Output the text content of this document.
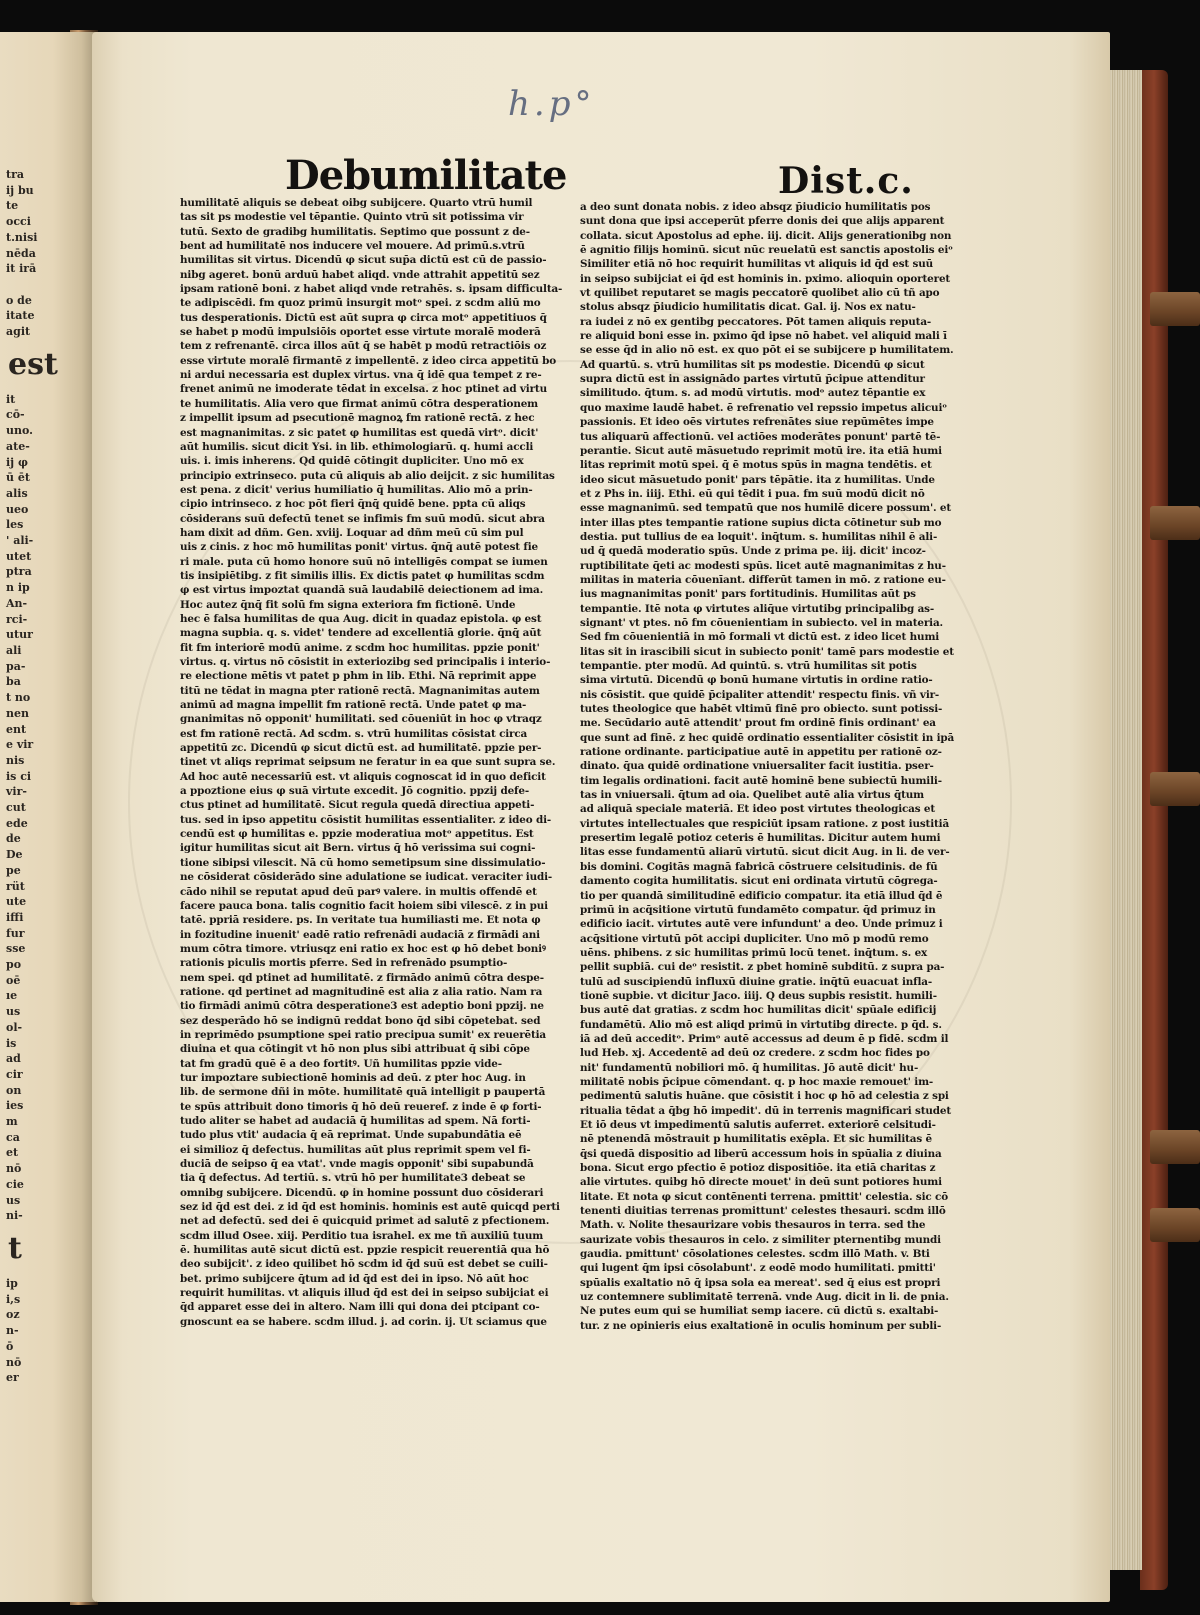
tra
ij bu
te
occi
t.nisi
nēda
it irā

o de
itate
agit
est
it
cō-
uno.
ate-
ij φ
ū ēt
alis
ueo
les
' ali-
utet
ptra
n ip
An-
rci-
utur
ali
pa-
ba
t no
nen
ent
e vir
nis
is ci
vir-
cut
ede
de
De
pe
rüt
ute
iffi
fur
sse
po
oē
ıe
us
ol-
is
ad
cir
on
ies
m
ca
et
nō
cie
us
ni-
t
ip
i,s
oz
n-
ō
nō
er
h.p°
Debumilitate	Dist.c.
humilitatē aliquis se debeat oibg subijcere. Quarto vtrū humil
tas sit ps modestie vel tēpantie. Quinto vtrū sit potissima vir
tutū. Sexto de gradibg humilitatis. Septimo que possunt z de-
bent ad humilitatē nos inducere vel mouere. Ad primū.s.vtrū
humilitas sit virtus. Dicendū φ sicut sup̄a dictū est cū de passio-
nibg ageret. bonū arduū habet aliqd. vnde attrahit appetitū sez
ipsam rationē boni. z habet aliqd vnde retrahēs. s. ipsam difficulta-
te adipiscēdi. fm quoz primū insurgit motᵒ spei. z scdm aliū mo
tus desperationis. Dictū est aūt supra φ circa motᵒ appetitiuos q̄
se habet p modū impulsiōis oportet esse virtute moralē moderā
tem z refrenantē. circa illos aūt q̄ se habēt p modū retractiōis oz
esse virtute moralē firmantē z impellentē. z ideo circa appetitū bo
ni ardui necessaria est duplex virtus. vna q̄ idē qua tempet z re-
frenet animū ne imoderate tēdat in excelsa. z hoc ptinet ad virtu
te humilitatis. Alia vero que firmat animū cōtra desperationem
z impellit ipsum ad psecutionē magnoꝝ fm rationē rectā. z hec
est magnanimitas. z sic patet φ humilitas est quedā virtᵒ. dicit'
aūt humilis. sicut dicit Ysi. in lib. ethimologiarū. q. humi accli
uis. i. imis inherens. Qd quidē cōtingit dupliciter. Uno mō ex
principio extrinseco. puta cū aliquis ab alio deijcit. z sic humilitas
est pena. z dicit' verius humiliatio q̄ humilitas. Alio mō a prin-
cipio intrinseco. z hoc pōt fieri q̄nq̄ quidē bene. ppta cū aliqs
cōsiderans suū defectū tenet se infimis fm suū modū. sicut abra
ham dixit ad dñm. Gen. xviij. Loquar ad dñm meū cū sim pul
uis z cinis. z hoc mō humilitas ponit' virtus. q̄nq̄ autē potest fie
ri male. puta cū homo honore suū nō intelligēs compat se iumen
tis insipiētibg. z fit similis illis. Ex dictis patet φ humilitas scdm
φ est virtus impoztat quandā suā laudabilē deiectionem ad ima.
Hoc autez q̄nq̄ fit solū fm signa exteriora fm fictionē. Unde
hec ē falsa humilitas de qua Aug. dicit in quadaz epistola. φ est
magna supbia. q. s. videt' tendere ad excellentiā glorie. q̄nq̄ aūt
fit fm interiorē modū anime. z scdm hoc humilitas. ppzie ponit'
virtus. q. virtus nō cōsistit in exteriozibg sed principalis i interio-
re electione mētis vt patet p phm in lib. Ethi. Nā reprimit appe
titū ne tēdat in magna pter rationē rectā. Magnanimitas autem
animū ad magna impellit fm rationē rectā. Unde patet φ ma-
gnanimitas nō opponit' humilitati. sed cōueniūt in hoc φ vtraqz
est fm rationē rectā. Ad scdm. s. vtrū humilitas cōsistat circa
appetitū zc. Dicendū φ sicut dictū est. ad humilitatē. ppzie per-
tinet vt aliqs reprimat seipsum ne feratur in ea que sunt supra se.
Ad hoc autē necessariū est. vt aliquis cognoscat id in quo deficit
a ppoztione eius φ suā virtute excedit. Jō cognitio. ppzij defe-
ctus ptinet ad humilitatē. Sicut regula quedā directiua appeti-
tus. sed in ipso appetitu cōsistit humilitas essentialiter. z ideo di-
cendū est φ humilitas e. ppzie moderatiua motᵒ appetitus. Est
igitur humilitas sicut ait Bern. virtus q̄ hō verissima sui cogni-
tione sibipsi vilescit. Nā cū homo semetipsum sine dissimulatio-
ne cōsiderat cōsiderādo sine adulatione se iudicat. veraciter iudi-
cādo nihil se reputat apud deū parꝰ valere. in multis offendē et
facere pauca bona. talis cognitio facit hoiem sibi vilescē. z in pui
tatē. ppriā residere. ps. In veritate tua humiliasti me. Et nota φ
in fozitudine inuenit' eadē ratio refrenādi audaciā z firmādi ani
mum cōtra timore. vtriusqz eni ratio ex hoc est φ hō debet boniꝰ
rationis piculis mortis pferre. Sed in refrenādo psumptio-
nem spei. qd ptinet ad humilitatē. z firmādo animū cōtra despe-
ratione. qd pertinet ad magnitudinē est alia z alia ratio. Nam ra
tio firmādi animū cōtra desperatione3 est adeptio boni ppzij. ne
sez desperādo hō se indignū reddat bono q̄d sibi cōpetebat. sed
in reprimēdo psumptione spei ratio precipua sumit' ex reuerētia
diuina et qua cōtingit vt hō non plus sibi attribuat q̄ sibi cōpe
tat fm gradū quē ē a deo fortitꝰ. Uñ humilitas ppzie vide-
tur impoztare subiectionē hominis ad deū. z pter hoc Aug. in
lib. de sermone dñi in mōte. humilitatē quā intelligit p paupertā
te spūs attribuit dono timoris q̄ hō deū reueref. z inde ē φ forti-
tudo aliter se habet ad audaciā q̄ humilitas ad spem. Nā forti-
tudo plus vtit' audacia q̄ eā reprimat. Unde supabundātia eē
ei similioz q̄ defectus. humilitas aūt plus reprimit spem vel fi-
duciā de seipso q̄ ea vtat'. vnde magis opponit' sibi supabundā
tia q̄ defectus. Ad tertiū. s. vtrū hō per humilitate3 debeat se
omnibg subijcere. Dicendū. φ in homine possunt duo cōsiderari
sez id q̄d est dei. z id q̄d est hominis. hominis est autē quicqd perti
net ad defectū. sed dei ē quicquid primet ad salutē z pfectionem.
scdm illud Osee. xiij. Perditio tua israhel. ex me tñ auxiliū tuum
ē. humilitas autē sicut dictū est. ppzie respicit reuerentiā qua hō
deo subijcit'. z ideo quilibet hō scdm id q̄d suū est debet se cuili-
bet. primo subijcere q̄tum ad id q̄d est dei in ipso. Nō aūt hoc
requirit humilitas. vt aliquis illud q̄d est dei in seipso subijciat ei
q̄d apparet esse dei in altero. Nam illi qui dona dei ptcipant co-
gnoscunt ea se habere. scdm illud. j. ad corin. ij. Ut sciamus que
a deo sunt donata nobis. z ideo absqz p̄iudicio humilitatis pos
sunt dona que ipsi acceperūt pferre donis dei que alijs apparent
collata. sicut Apostolus ad ephe. iij. dicit. Alijs generationibg non
ē agnitio filijs hominū. sicut nūc reuelatū est sanctis apostolis eiᵒ
Similiter etiā nō hoc requirit humilitas vt aliquis id q̄d est suū
in seipso subijciat ei q̄d est hominis in. pximo. alioquin oporteret
vt quilibet reputaret se magis peccatorē quolibet alio cū tñ apo
stolus absqz p̄iudicio humilitatis dicat. Gal. ij. Nos ex natu-
ra iudei z nō ex gentibg peccatores. Pōt tamen aliquis reputa-
re aliquid boni esse in. pximo q̄d ipse nō habet. vel aliquid mali ī
se esse q̄d in alio nō est. ex quo pōt ei se subijcere p humilitatem.
Ad quartū. s. vtrū humilitas sit ps modestie. Dicendū φ sicut
supra dictū est in assignādo partes virtutū p̄cipue attenditur
similitudo. q̄tum. s. ad modū virtutis. modᵒ autez tēpantie ex
quo maxime laudē habet. ē refrenatio vel repssio impetus alicuiᵒ
passionis. Et ideo oēs virtutes refrenātes siue repūmētes impe
tus aliquarū affectionū. vel actiōes moderātes ponunt' partē tē-
perantie. Sicut autē māsuetudo reprimit motū ire. ita etiā humi
litas reprimit motū spei. q̄ ē motus spūs in magna tendētis. et
ideo sicut māsuetudo ponit' pars tēpātie. ita z humilitas. Unde
et z Phs in. iiij. Ethi. eū qui tēdit i pua. fm suū modū dicit nō
esse magnanimū. sed tempatū que nos humilē dicere possum'. et
inter illas ptes tempantie ratione supius dicta cōtinetur sub mo
destia. put tullius de ea loquit'. inq̄tum. s. humilitas nihil ē ali-
ud q̄ quedā moderatio spūs. Unde z prima pe. iij. dicit' incoz-
ruptibilitate q̄eti ac modesti spūs. licet autē magnanimitas z hu-
militas in materia cōuenīant. differūt tamen in mō. z ratione eu-
ius magnanimitas ponit' pars fortitudinis. Humilitas aūt ps
tempantie. Itē nota φ virtutes aliq̄ue virtutibg principalibg as-
signant' vt ptes. nō fm cōuenientiam in subiecto. vel in materia.
Sed fm cōuenientiā in mō formali vt dictū est. z ideo licet humi
litas sit in irascibili sicut in subiecto ponit' tamē pars modestie et
tempantie. pter modū. Ad quintū. s. vtrū humilitas sit potis
sima virtutū. Dicendū φ bonū humane virtutis in ordine ratio-
nis cōsistit. que quidē p̄cipaliter attendit' respectu finis. vñ vir-
tutes theologice que habēt vltimū finē pro obiecto. sunt potissi-
me. Secūdario autē attendit' prout fm ordinē finis ordinant' ea
que sunt ad finē. z hec quidē ordinatio essentialiter cōsistit in ipā
ratione ordinante. participatiue autē in appetitu per rationē oz-
dinato. q̄ua quidē ordinatione vniuersaliter facit iustitia. pser-
tim legalis ordinationi. facit autē hominē bene subiectū humili-
tas in vniuersali. q̄tum ad oia. Quelibet autē alia virtus q̄tum
ad aliquā speciale materiā. Et ideo post virtutes theologicas et
virtutes intellectuales que respiciūt ipsam ratione. z post iustitiā
presertim legalē potioz ceteris ē humilitas. Dicitur autem humi
litas esse fundamentū aliarū virtutū. sicut dicit Aug. in li. de ver-
bis domini. Cogitās magnā fabricā cōstruere celsitudinis. de fū
damento cogita humilitatis. sicut eni ordinata virtutū cōgrega-
tio per quandā similitudinē edificio compatur. ita etiā illud q̄d ē
primū in acq̄sitione virtutū fundamēto compatur. q̄d primuz in
edificio iacit. virtutes autē vere infundunt' a deo. Unde primuz i
acq̄sitione virtutū pōt accipi dupliciter. Uno mō p modū remo
uēns. phibens. z sic humilitas primū locū tenet. inq̄tum. s. ex
pellit supbiā. cui deᵒ resistit. z pbet hominē subditū. z supra pa-
tulū ad suscipiendū influxū diuine gratie. inq̄tū euacuat infla-
tionē supbie. vt dicitur Jaco. iiij. Q deus supbis resistit. humili-
bus autē dat gratias. z scdm hoc humilitas dicit' spūale edificij
fundamētū. Alio mō est aliqd primū in virtutibg directe. p q̄d. s.
iā ad deū acceditᵒ. Primᵒ autē accessus ad deum ē p fidē. scdm il
lud Heb. xj. Accedentē ad deū oz credere. z scdm hoc fides po
nit' fundamentū nobiliori mō. q̄ humilitas. Jō autē dicit' hu-
militatē nobis p̄cipue cōmendant. q. p hoc maxie remouet' im-
pedimentū salutis huāne. que cōsistit i hoc φ hō ad celestia z spi
ritualia tēdat a q̄bg hō impedit'. dū in terrenis magnificari studet
Et iō deus vt impedimentū salutis auferret. exteriorē celsitudi-
nē ptenendā mōstrauit p humilitatis exēpla. Et sic humilitas ē
q̄si quedā dispositio ad liberū accessum hois in spūalia z diuina
bona. Sicut ergo pfectio ē potioz dispositiōe. ita etiā charitas z
alie virtutes. quibg hō directe mouet' in deū sunt potiores humi
litate. Et nota φ sicut contēnenti terrena. pmittit' celestia. sic cō
tenenti diuitias terrenas promittunt' celestes thesauri. scdm illō
Math. v. Nolite thesaurizare vobis thesauros in terra. sed the
saurizate vobis thesauros in celo. z similiter pternentibg mundi
gaudia. pmittunt' cōsolationes celestes. scdm illō Math. v. Bti
qui lugent q̄m ipsi cōsolabunt'. z eodē modo humilitati. pmitti'
spūalis exaltatio nō q̄ ipsa sola ea mereat'. sed q̄ eius est propri
uz contemnere sublimitatē terrenā. vnde Aug. dicit in li. de pnia.
Ne putes eum qui se humiliat semp iacere. cū dictū s. exaltabi-
tur. z ne opinieris eius exaltationē in oculis hominum per subli-
